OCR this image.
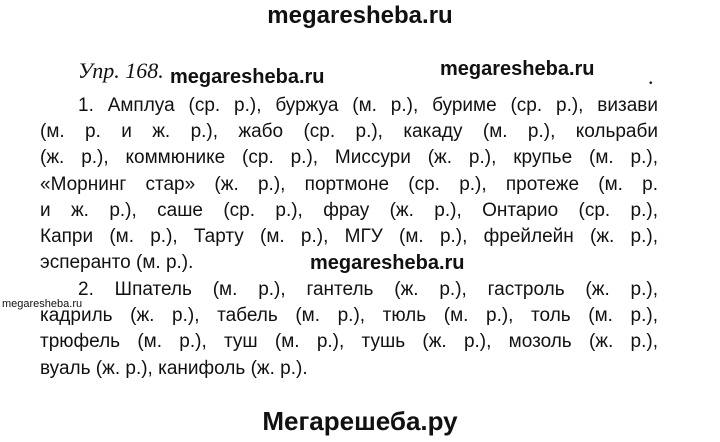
megaresheba.ru
Упр. 168. megaresheba.ru	megaresheba.ru .
1. Амплуа (ср. р.), буржуа (м. р.), буриме (ср. р.), визави
(м. р. и ж. р.), жабо (ср. р.), какаду (м. р.), кольраби
(ж. р.), коммюнике (ср. р.), Миссури (ж. р.), крупье (м. р.),
«Морнинг стар» (ж. р.), портмоне (ср. р.), протеже (м. р.
и ж. р.), саше (ср. р.), фрау (ж. р.), Онтарио (ср. р.),
Капри (м. р.), Тарту (м. р.), МГУ (м. р.), фрейлейн (ж. р.),
эсперанто (м. р.).	megaresheba.ru
2. Шпатель (м. р.), гантель (ж. р.), гастроль (ж. р.),
megaresheba.ru
кадриль (ж. р.), табель (м. р.), тюль (м. р.), толь (м. р.),
трюфель (м. р.), туш (м. р.), тушь (ж. р.), мозоль (ж. р.),
вуаль (ж. р.), канифоль (ж. р.).
Мегарешеба.ру
